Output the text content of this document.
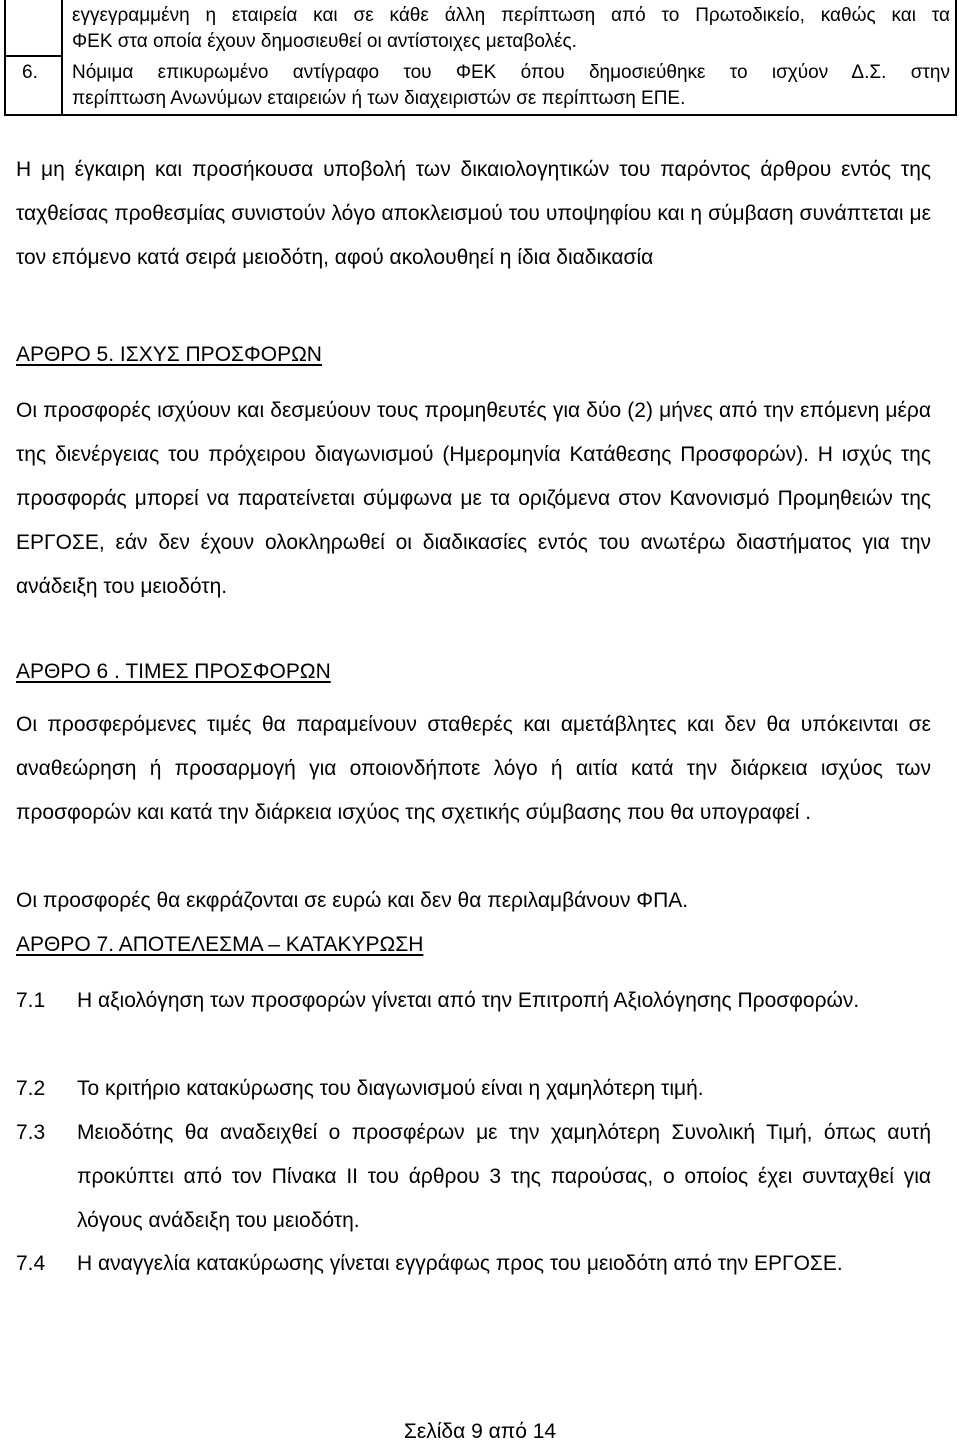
εγγεγραμμένη η εταιρεία και σε κάθε άλλη περίπτωση από το Πρωτοδικείο, καθώς και τα
ΦΕΚ στα οποία έχουν δημοσιευθεί οι αντίστοιχες μεταβολές.
6. Νόμιμα επικυρωμένο αντίγραφο του ΦΕΚ όπου δημοσιεύθηκε το ισχύον Δ.Σ. στην
περίπτωση Ανωνύμων εταιρειών ή των διαχειριστών σε περίπτωση ΕΠΕ.

Η μη έγκαιρη και προσήκουσα υποβολή των δικαιολογητικών του παρόντος άρθρου εντός της ταχθείσας προθεσμίας συνιστούν λόγο αποκλεισμού του υποψηφίου και η σύμβαση συνάπτεται με τον επόμενο κατά σειρά μειοδότη, αφού ακολουθηεί η ίδια διαδικασία

ΑΡΘΡΟ 5. ΙΣΧΥΣ ΠΡΟΣΦΟΡΩΝ

Οι προσφορές ισχύουν και δεσμεύουν τους προμηθευτές για δύο (2) μήνες από την επόμενη μέρα της διενέργειας του πρόχειρου διαγωνισμού (Ημερομηνία Κατάθεσης Προσφορών). Η ισχύς της προσφοράς μπορεί να παρατείνεται σύμφωνα με τα οριζόμενα στον Κανονισμό Προμηθειών της ΕΡΓΟΣΕ, εάν δεν έχουν ολοκληρωθεί οι διαδικασίες εντός του ανωτέρω διαστήματος για την ανάδειξη του μειοδότη.

ΑΡΘΡΟ 6 . ΤΙΜΕΣ ΠΡΟΣΦΟΡΩΝ

Οι προσφερόμενες τιμές θα παραμείνουν σταθερές και αμετάβλητες και δεν θα υπόκεινται σε αναθεώρηση ή προσαρμογή για οποιονδήποτε λόγο ή αιτία κατά την διάρκεια ισχύος των προσφορών και κατά την διάρκεια ισχύος της σχετικής σύμβασης που θα υπογραφεί .

Οι προσφορές θα εκφράζονται σε ευρώ και δεν θα περιλαμβάνουν ΦΠΑ.

ΑΡΘΡΟ 7. ΑΠΟΤΕΛΕΣΜΑ – ΚΑΤΑΚΥΡΩΣΗ
7.1 Η αξιολόγηση των προσφορών γίνεται από την Επιτροπή Αξιολόγησης Προσφορών.
7.2 Το κριτήριο κατακύρωσης του διαγωνισμού είναι η χαμηλότερη τιμή.
7.3 Μειοδότης θα αναδειχθεί ο προσφέρων με την χαμηλότερη Συνολική Τιμή, όπως αυτή προκύπτει από τον Πίνακα ΙΙ του άρθρου 3 της παρούσας, ο οποίος έχει συνταχθεί για λόγους ανάδειξη του μειοδότη.
7.4 Η αναγγελία κατακύρωσης γίνεται εγγράφως προς του μειοδότη από την ΕΡΓΟΣΕ.
Σελίδα 9 από 14
